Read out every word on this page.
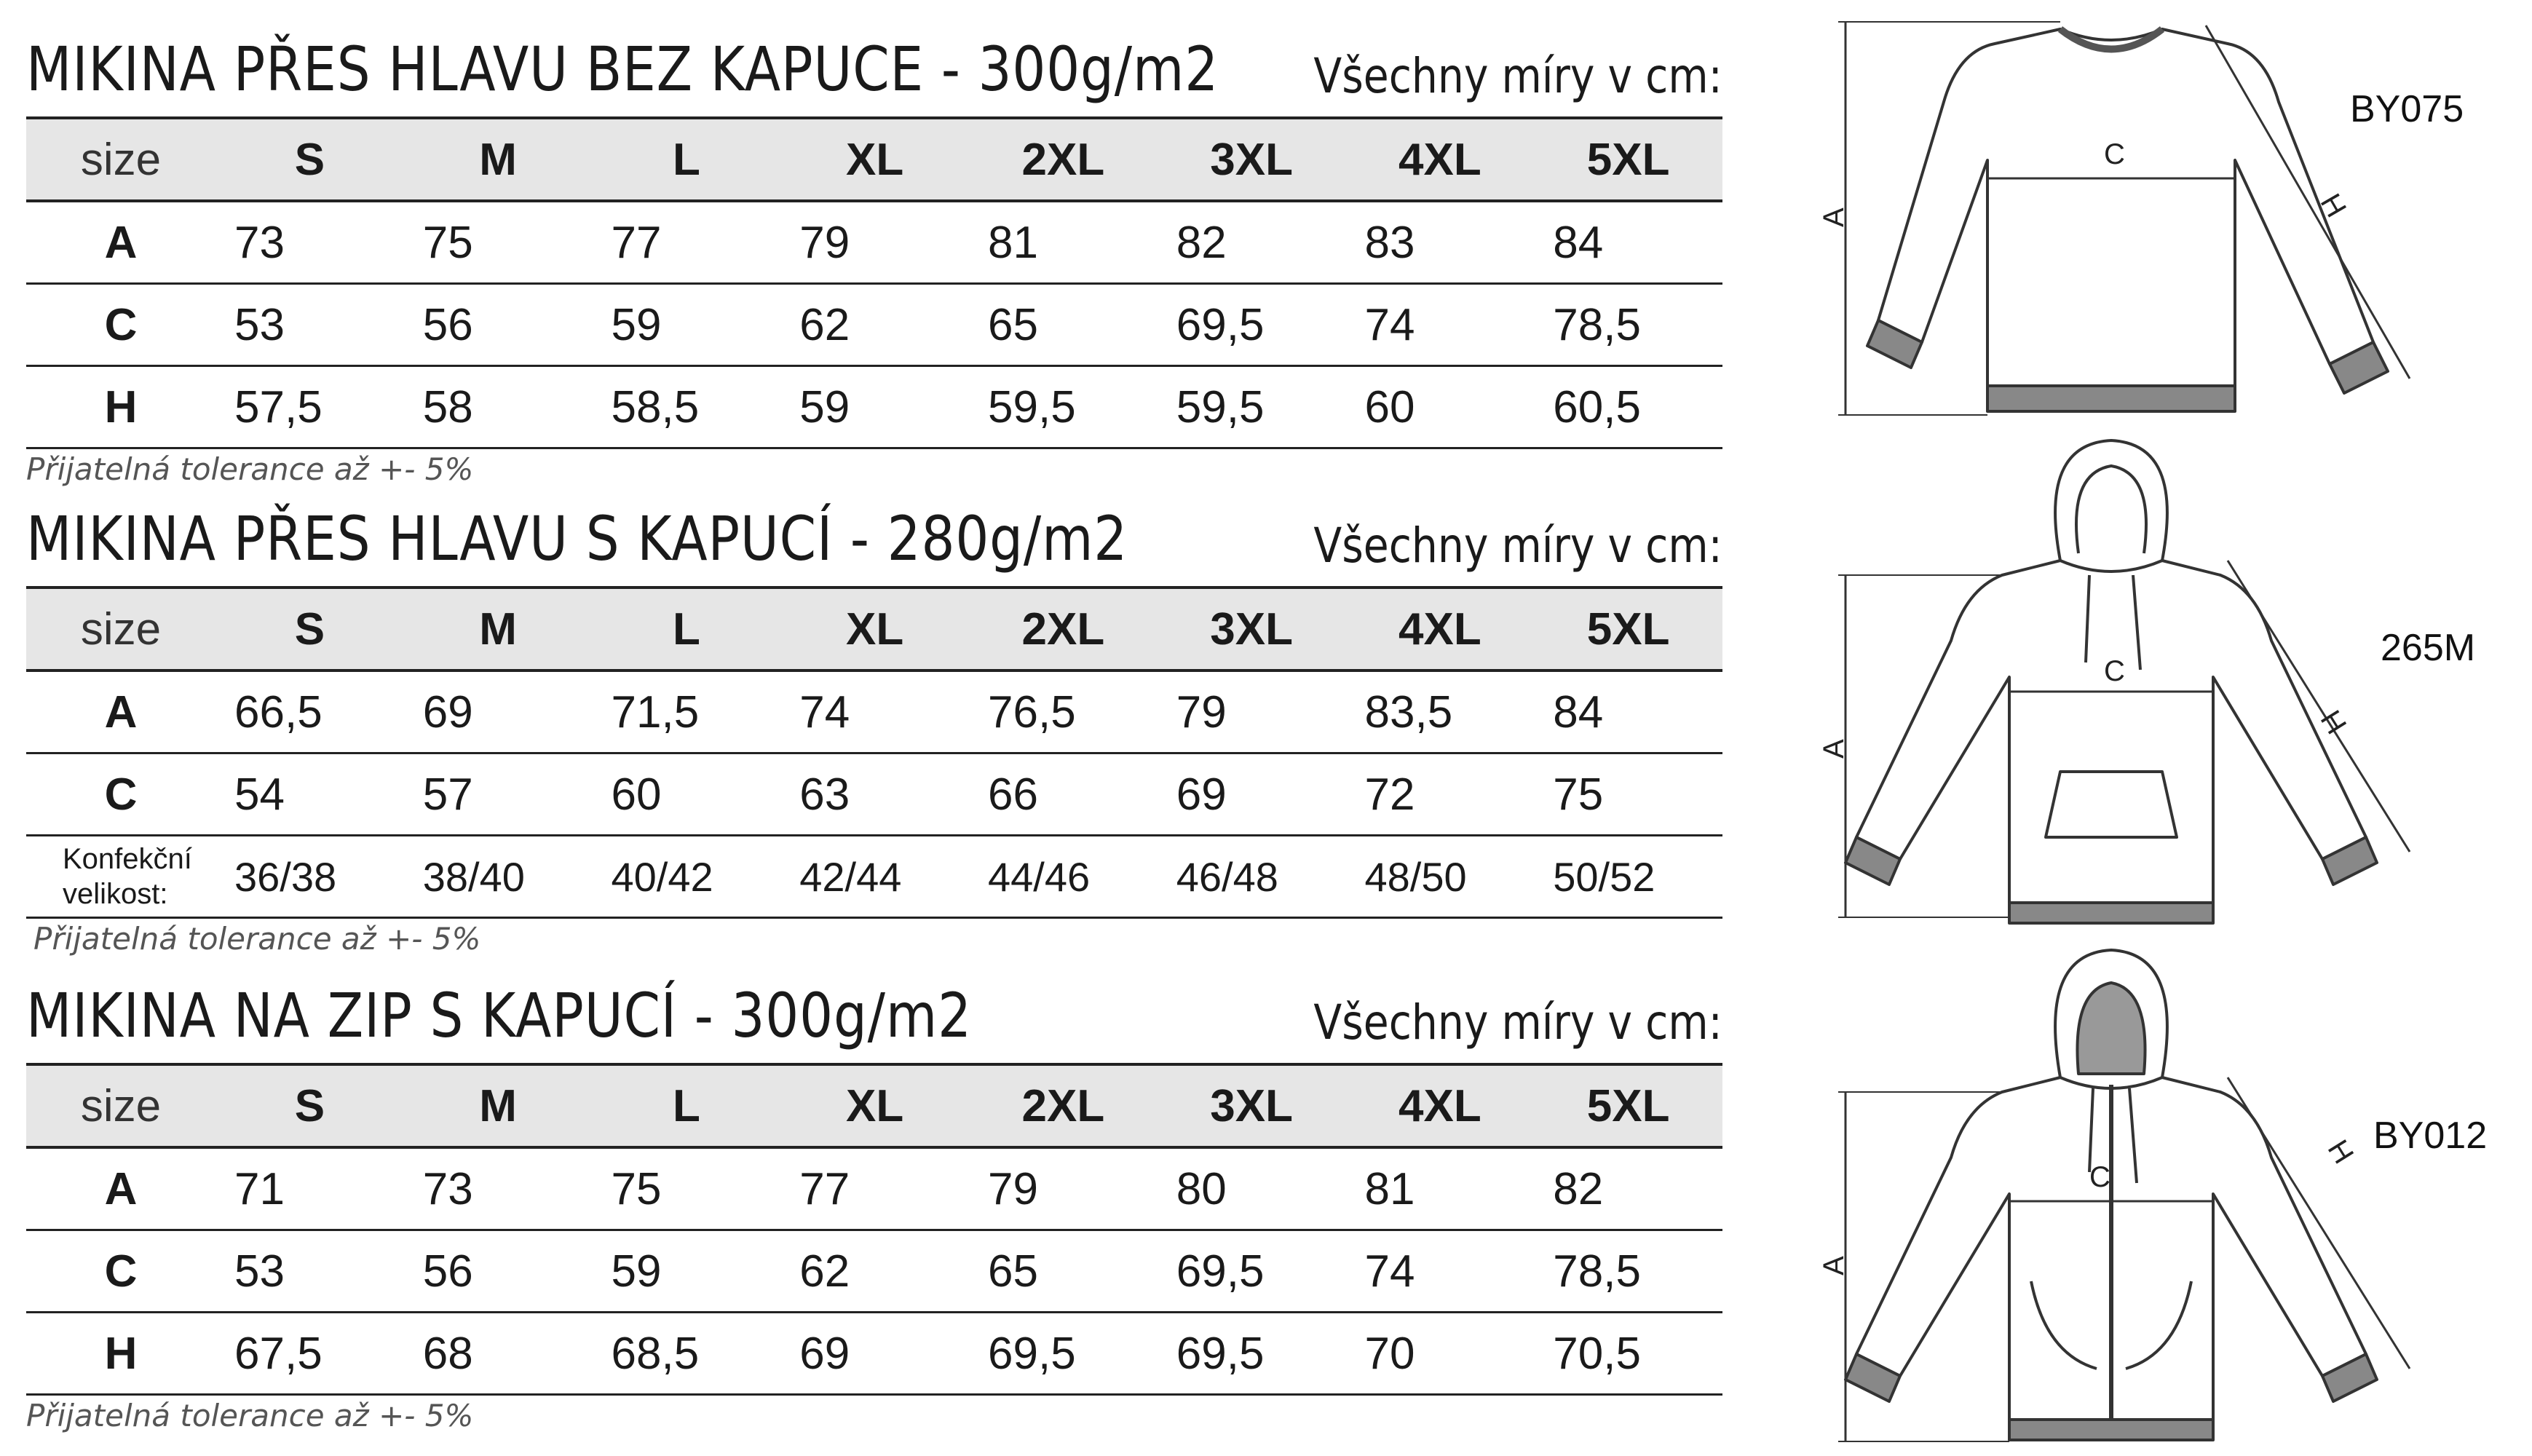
MIKINA PŘES HLAVU BEZ KAPUCE - 300g/m2 Všechny míry v cm:
size	S	M	L	XL	2XL	3XL	4XL	5XL
A	73	75	77	79	81	82	83	84
C	53	56	59	62	65	69,5	74	78,5
H	57,5	58	58,5	59	59,5	59,5	60	60,5
Přijatelná tolerance až +- 5%
MIKINA PŘES HLAVU S KAPUCÍ - 280g/m2	Všechny míry v cm:
size	S	M	L	XL	2XL	3XL	4XL	5XL
A	66,5	69	71,5	74	76,5	79	83,5	84
C	54	57	60	63	66	69	72	75
Konfekční
velikost:	36/38	38/40	40/42	42/44	44/46	46/48	48/50	50/52
Přijatelná tolerance až +- 5%
MIKINA NA ZIP S KAPUCÍ - 300g/m2	Všechny míry v cm:
size	S	M	L	XL	2XL	3XL	4XL	5XL
A	71	73	75	77	79	80	81	82
C	53	56	59	62	65	69,5	74	78,5
H	67,5	68	68,5	69	69,5	69,5	70	70,5
Přijatelná tolerance až +- 5%
A
C
H
BY075
A
C
H
265M
A
C
H BY012
